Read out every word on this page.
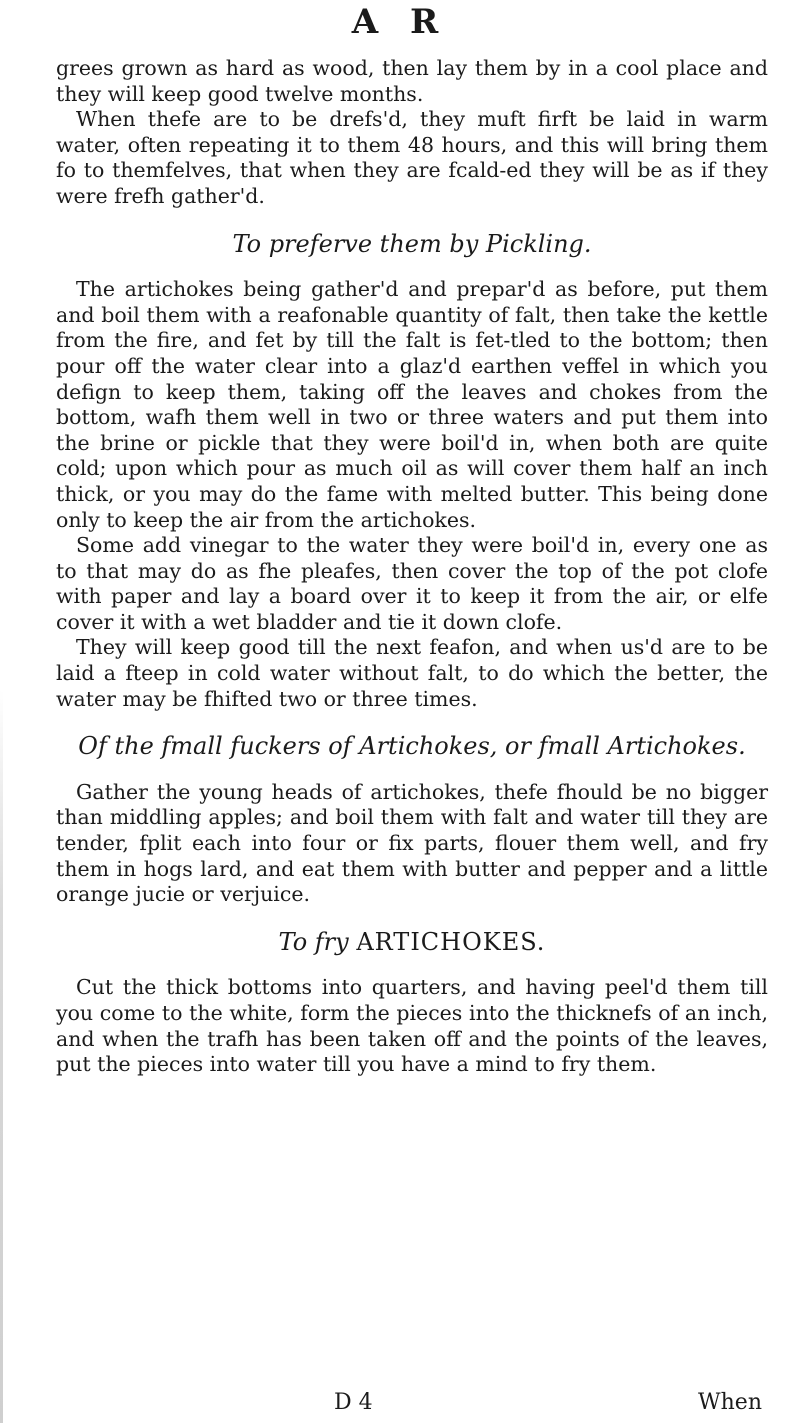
A R

grees grown as hard as wood, then lay them by in a cool place and they will keep good twelve months.

When thefe are to be drefs'd, they muft firft be laid in warm water, often repeating it to them 48 hours, and this will bring them fo to themfelves, that when they are fcald-ed they will be as if they were frefh gather'd.

To preferve them by Pickling.

The artichokes being gather'd and prepar'd as before, put them and boil them with a reafonable quantity of falt, then take the kettle from the fire, and fet by till the falt is fet-tled to the bottom; then pour off the water clear into a glaz'd earthen veffel in which you defign to keep them, taking off the leaves and chokes from the bottom, wafh them well in two or three waters and put them into the brine or pickle that they were boil'd in, when both are quite cold; upon which pour as much oil as will cover them half an inch thick, or you may do the fame with melted butter. This being done only to keep the air from the artichokes.

Some add vinegar to the water they were boil'd in, every one as to that may do as fhe pleafes, then cover the top of the pot clofe with paper and lay a board over it to keep it from the air, or elfe cover it with a wet bladder and tie it down clofe.

They will keep good till the next feafon, and when us'd are to be laid a fteep in cold water without falt, to do which the better, the water may be fhifted two or three times.

Of the fmall fuckers of Artichokes, or fmall Artichokes.

Gather the young heads of artichokes, thefe fhould be no bigger than middling apples; and boil them with falt and water till they are tender, fplit each into four or fix parts, flouer them well, and fry them in hogs lard, and eat them with butter and pepper and a little orange jucie or verjuice.

To fry ARTICHOKES.

Cut the thick bottoms into quarters, and having peel'd them till you come to the white, form the pieces into the thicknefs of an inch, and when the trafh has been taken off and the points of the leaves, put the pieces into water till you have a mind to fry them.

D 4	When
